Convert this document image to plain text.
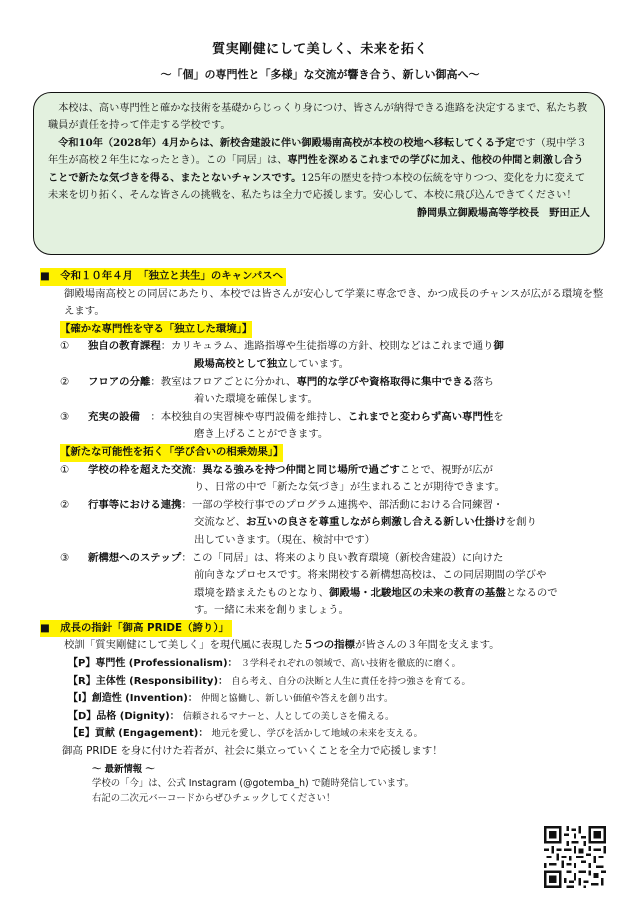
質実剛健にして美しく、未来を拓く
～「個」の専門性と「多様」な交流が響き合う、新しい御高へ～

本校は、高い専門性と確かな技術を基礎からじっくり身につけ、皆さんが納得できる進路を決定するまで、私たち教職員が責任を持って伴走する学校です。

令和10年（2028年）4月からは、新校舎建設に伴い御殿場南高校が本校の校地へ移転してくる予定です（現中学３年生が高校２年生になったとき）。この「同居」は、専門性を深めるこれまでの学びに加え、他校の仲間と刺激し合うことで新たな気づきを得る、またとないチャンスです。125年の歴史を持つ本校の伝統を守りつつ、変化を力に変えて未来を切り拓く、そんな皆さんの挑戦を、私たちは全力で応援します。安心して、本校に飛び込んできてください！

静岡県立御殿場高等学校長　野田正人
■　令和１０年４月　「独立と共生」のキャンパスへ
御殿場南高校との同居にあたり、本校では皆さんが安心して学業に専念でき、かつ成長のチャンスが広がる環境を整えます。
【確かな専門性を守る「独立した環境」】
①	独自の教育課程：カリキュラム、進路指導や生徒指導の方針、校則などはこれまで通り御
殿場高校として独立しています。
②	フロアの分離：教室はフロアごとに分かれ、専門的な学びや資格取得に集中できる落ち
着いた環境を確保します。
③	充実の設備　：本校独自の実習棟や専門設備を維持し、これまでと変わらず高い専門性を
磨き上げることができます。
【新たな可能性を拓く「学び合いの相乗効果」】
①	学校の枠を超えた交流：異なる強みを持つ仲間と同じ場所で過ごすことで、視野が広が
り、日常の中で「新たな気づき」が生まれることが期待できます。
②	行事等における連携：一部の学校行事でのプログラム連携や、部活動における合同練習・
交流など、お互いの良さを尊重しながら刺激し合える新しい仕掛けを創り
出していきます。（現在、検討中です）
③	新構想へのステップ：この「同居」は、将来のより良い教育環境（新校舎建設）に向けた
前向きなプロセスです。将来開校する新構想高校は、この同居期間の学びや
環境を踏まえたものとなり、御殿場・北駿地区の未来の教育の基盤となるので
す。一緒に未来を創りましょう。
■　成長の指針「御高 PRIDE（誇り）」
校訓「質実剛健にして美しく」を現代風に表現した５つの指標が皆さんの３年間を支えます。
【P】専門性 (Professionalism)： ３学科それぞれの領域で、高い技術を徹底的に磨く。
【R】主体性 (Responsibility)： 自ら考え、自分の決断と人生に責任を持つ強さを育てる。
【I】創造性 (Invention)： 仲間と協働し、新しい価値や答えを創り出す。
【D】品格 (Dignity)： 信頼されるマナーと、人としての美しさを備える。
【E】貢献 (Engagement)： 地元を愛し、学びを活かして地域の未来を支える。
御高 PRIDE を身に付けた若者が、社会に巣立っていくことを全力で応援します！
～ 最新情報 ～
学校の「今」は、公式 Instagram (@gotemba_h) で随時発信しています。
右記の二次元バーコードからぜひチェックしてください！
